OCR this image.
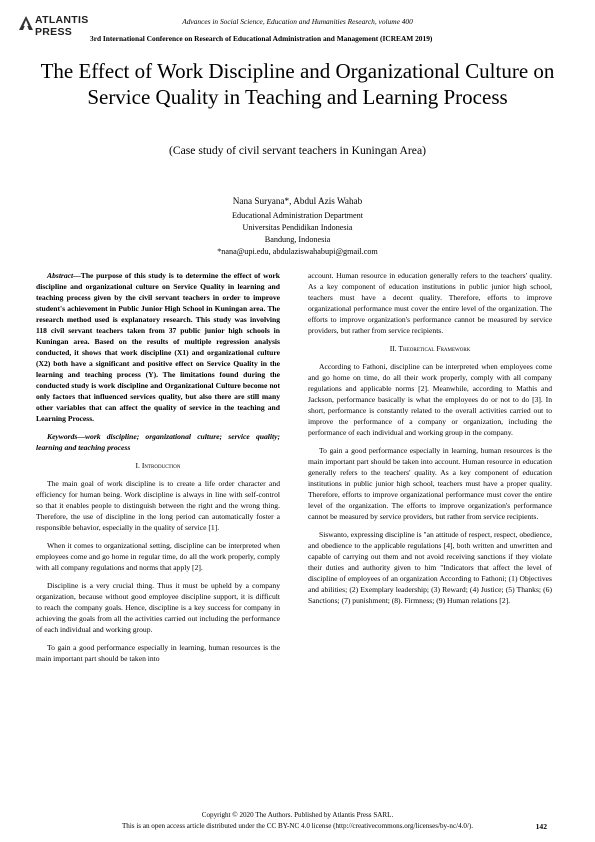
ATLANTIS
PRESS
Advances in Social Science, Education and Humanities Research, volume 400
3rd International Conference on Research of Educational Administration and Management (ICREAM 2019)
The Effect of Work Discipline and Organizational Culture on Service Quality in Teaching and Learning Process
(Case study of civil servant teachers in Kuningan Area)
Nana Suryana*, Abdul Azis Wahab
Educational Administration Department
Universitas Pendidikan Indonesia
Bandung, Indonesia
*nana@upi.edu, abdulaziswahabupi@gmail.com

Abstract—The purpose of this study is to determine the effect of work discipline and organizational culture on Service Quality in learning and teaching process given by the civil servant teachers in order to improve student's achievement in Public Junior High School in Kuningan area. The research method used is explanatory research. This study was involving 118 civil servant teachers taken from 37 public junior high schools in Kuningan area. Based on the results of multiple regression analysis conducted, it shows that work discipline (X1) and organizational culture (X2) both have a significant and positive effect on Service Quality in the learning and teaching process (Y). The limitations found during the conducted study is work discipline and Organizational Culture become not only factors that influenced services quality, but also there are still many other variables that can affect the quality of service in the teaching and Learning Process.

Keywords—work discipline; organizational culture; service quality; learning and teaching process

I. Introduction

The main goal of work discipline is to create a life order character and efficiency for human being. Work discipline is always in line with self-control so that it enables people to distinguish between the right and the wrong thing. Therefore, the use of discipline in the long period can automatically foster a responsible behavior, especially in the quality of service [1].

When it comes to organizational setting, discipline can be interpreted when employees come and go home in regular time, do all the work properly, comply with all company regulations and norms that apply [2].

Discipline is a very crucial thing. Thus it must be upheld by a company organization, because without good employee discipline support, it is difficult to reach the company goals. Hence, discipline is a key success for company in achieving the goals from all the activities carried out including the performance of each individual and working group.

To gain a good performance especially in learning, human resources is the main important part should be taken into

account. Human resource in education generally refers to the teachers' quality. As a key component of education institutions in public junior high school, teachers must have a decent quality. Therefore, efforts to improve organizational performance must cover the entire level of the organization. The efforts to improve organization's performance cannot be measured by service providers, but rather from service recipients.

II. Theoretical Framework

According to Fathoni, discipline can be interpreted when employees come and go home on time, do all their work properly, comply with all company regulations and applicable norms [2]. Meanwhile, according to Mathis and Jackson, performance basically is what the employees do or not to do [3]. In short, performance is constantly related to the overall activities carried out to improve the performance of a company or organization, including the performance of each individual and working group in the company.

To gain a good performance especially in learning, human resources is the main important part should be taken into account. Human resource in education generally refers to the teachers' quality. As a key component of education institutions in public junior high school, teachers must have a proper quality. Therefore, efforts to improve organizational performance must cover the entire level of the organization. The efforts to improve organization's performance cannot be measured by service providers, but rather from service recipients.

Siswanto, expressing discipline is "an attitude of respect, respect, obedience, and obedience to the applicable regulations [4], both written and unwritten and capable of carrying out them and not avoid receiving sanctions if they violate their duties and authority given to him "Indicators that affect the level of discipline of employees of an organization According to Fathoni; (1) Objectives and abilities; (2) Exemplary leadership; (3) Reward; (4) Justice; (5) Thanks; (6) Sanctions; (7) punishment; (8). Firmness; (9) Human relations [2].

Copyright © 2020 The Authors. Published by Atlantis Press SARL.
This is an open access article distributed under the CC BY-NC 4.0 license (http://creativecommons.org/licenses/by-nc/4.0/).	142
